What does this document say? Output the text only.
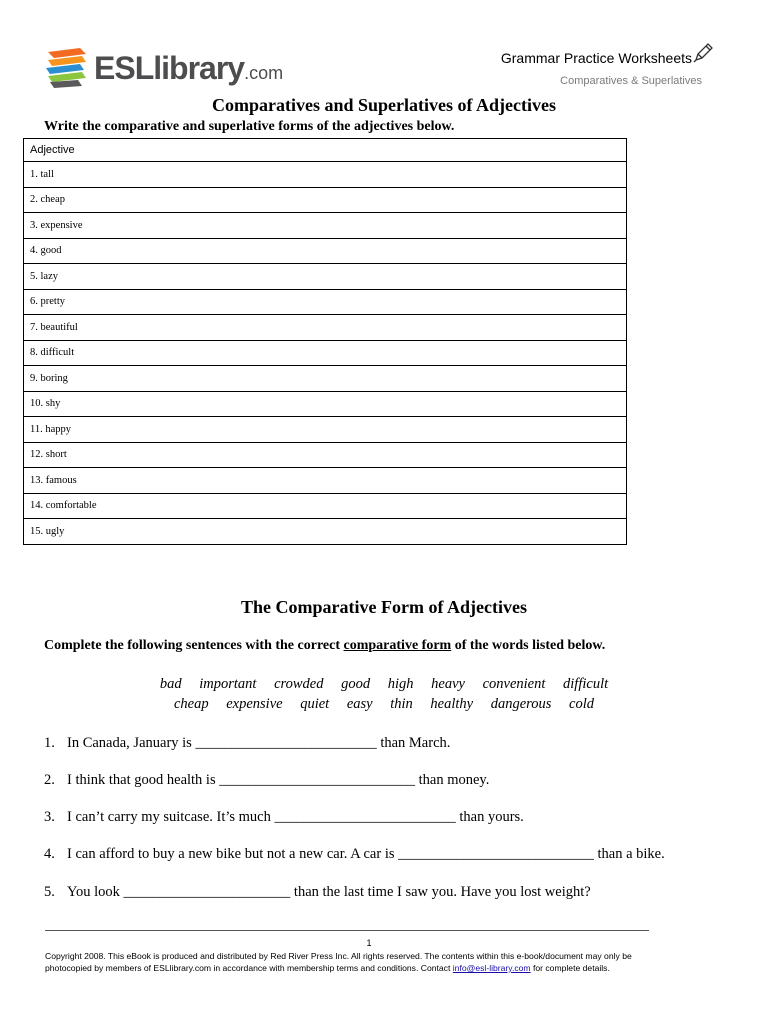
ESLlibrary.com
Grammar Practice Worksheets
Comparatives & Superlatives
Comparatives and Superlatives of Adjectives
Write the comparative and superlative forms of the adjectives below.
Adjective
1. tall
2. cheap
3. expensive
4. good
5. lazy
6. pretty
7. beautiful
8. difficult
9. boring
10. shy
11. happy
12. short
13. famous
14. comfortable
15. ugly
The Comparative Form of Adjectives
Complete the following sentences with the correct comparative form of the words listed below.
bad important crowded good high heavy convenient difficult
cheap expensive quiet easy thin healthy dangerous cold
1. In Canada, January is _________________________ than March.
2. I think that good health is ___________________________ than money.
3. I can’t carry my suitcase. It’s much _________________________ than yours.
4. I can afford to buy a new bike but not a new car. A car is ___________________________ than a bike.
5. You look _______________________ than the last time I saw you. Have you lost weight?
1
Copyright 2008. This eBook is produced and distributed by Red River Press Inc. All rights reserved. The contents within this e-book/document may only be
photocopied by members of ESLlibrary.com in accordance with membership terms and conditions. Contact info@esl-library.com for complete details.
